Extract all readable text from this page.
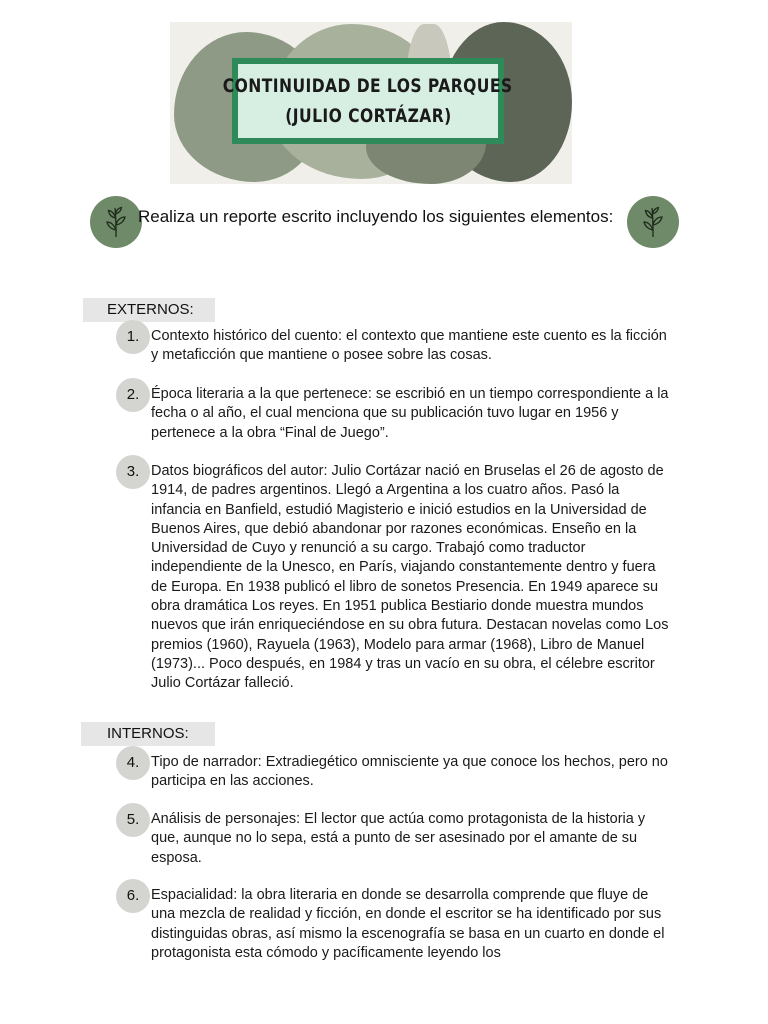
CONTINUIDAD DE LOS PARQUES
(JULIO CORTÁZAR)
Realiza un reporte escrito incluyendo los siguientes elementos:
EXTERNOS:
1. Contexto histórico del cuento: el contexto que mantiene este cuento es la ficción y metaficción que mantiene o posee sobre las cosas.
2. Época literaria a la que pertenece: se escribió en un tiempo correspondiente a la fecha o al año, el cual menciona que su publicación tuvo lugar en 1956 y pertenece a la obra “Final de Juego”.
3. Datos biográficos del autor: Julio Cortázar nació en Bruselas el 26 de agosto de 1914, de padres argentinos. Llegó a Argentina a los cuatro años. Pasó la infancia en Banfield, estudió Magisterio e inició estudios en la Universidad de Buenos Aires, que debió abandonar por razones económicas. Enseño en la Universidad de Cuyo y renunció a su cargo. Trabajó como traductor independiente de la Unesco, en París, viajando constantemente dentro y fuera de Europa. En 1938 publicó el libro de sonetos Presencia. En 1949 aparece su obra dramática Los reyes. En 1951 publica Bestiario donde muestra mundos nuevos que irán enriqueciéndose en su obra futura. Destacan novelas como Los premios (1960), Rayuela (1963), Modelo para armar (1968), Libro de Manuel (1973)... Poco después, en 1984 y tras un vacío en su obra, el célebre escritor Julio Cortázar falleció.
INTERNOS:
4. Tipo de narrador: Extradiegético omnisciente ya que conoce los hechos, pero no participa en las acciones.
5. Análisis de personajes: El lector que actúa como protagonista de la historia y que, aunque no lo sepa, está a punto de ser asesinado por el amante de su esposa.
6. Espacialidad: la obra literaria en donde se desarrolla comprende que fluye de una mezcla de realidad y ficción, en donde el escritor se ha identificado por sus distinguidas obras, así mismo la escenografía se basa en un cuarto en donde el protagonista esta cómodo y pacíficamente leyendo los
